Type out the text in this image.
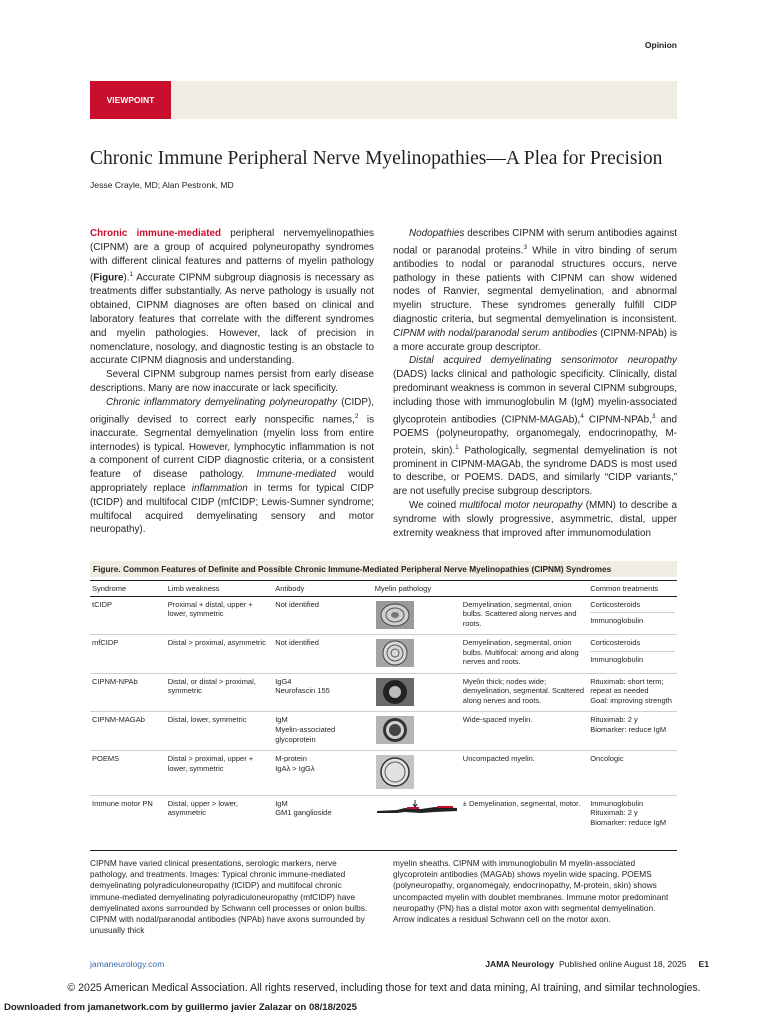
Opinion
VIEWPOINT
Chronic Immune Peripheral Nerve Myelinopathies—A Plea for Precision
Jesse Crayle, MD; Alan Pestronk, MD

Chronic immune-mediated peripheral nervemyelinopathies (CIPNM) are a group of acquired polyneuropathy syndromes with different clinical features and patterns of myelin pathology (Figure).$^1$ Accurate CIPNM subgroup diagnosis is necessary as treatments differ substantially. As nerve pathology is usually not obtained, CIPNM diagnoses are often based on clinical and laboratory features that correlate with the different syndromes and myelin pathologies. However, lack of precision in nomenclature, nosology, and diagnostic testing is an obstacle to accurate CIPNM diagnosis and understanding.

Several CIPNM subgroup names persist from early disease descriptions. Many are now inaccurate or lack specificity.

Chronic inflammatory demyelinating polyneuropathy (CIDP), originally devised to correct early nonspecific names,$^2$ is inaccurate. Segmental demyelination (myelin loss from entire internodes) is typical. However, lymphocytic inflammation is not a component of current CIDP diagnostic criteria, or a consistent feature of disease pathology. Immune-mediated would appropriately replace inflammation in terms for typical CIDP (tCIDP) and multifocal CIDP (mfCIDP; Lewis-Sumner syndrome; multifocal acquired demyelinating sensory and motor neuropathy).

Nodopathies describes CIPNM with serum antibodies against nodal or paranodal proteins.$^3$ While in vitro binding of serum antibodies to nodal or paranodal structures occurs, nerve pathology in these patients with CIPNM can show widened nodes of Ranvier, segmental demyelination, and abnormal myelin structure. These syndromes generally fulfill CIDP diagnostic criteria, but segmental demyelination is inconsistent. CIPNM with nodal/paranodal serum antibodies (CIPNM-NPAb) is a more accurate group descriptor.

Distal acquired demyelinating sensorimotor neuropathy (DADS) lacks clinical and pathologic specificity. Clinically, distal predominant weakness is common in several CIPNM subgroups, including those with immunoglobulin M (IgM) myelin-associated glycoprotein antibodies (CIPNM-MAGAb),$^4$ CIPNM-NPAb,$^3$ and POEMS (polyneuropathy, organomegaly, endocrinopathy, M-protein, skin).$^1$ Pathologically, segmental demyelination is not prominent in CIPNM-MAGAb, the syndrome DADS is most used to describe, or POEMS. DADS, and similarly “CIDP variants,” are not usefully precise subgroup descriptors.

We coined multifocal motor neuropathy (MMN) to describe a syndrome with slowly progressive, asymmetric, distal, upper extremity weakness that improved after immunomodulation

Figure. Common Features of Definite and Possible Chronic Immune-Mediated Peripheral Nerve Myelinopathies (CIPNM) Syndromes
Syndrome	Limb weakness	Antibody	Myelin pathology		Common treatments
tCIDP	Proximal + distal, upper + lower, symmetric	Not identified		Demyelination, segmental, onion bulbs. Scattered along nerves and roots.	Corticosteroids
Immunoglobulin

mfCIDP	Distal > proximal, asymmetric	Not identified		Demyelination, segmental, onion bulbs. Multifocal: among and along nerves and roots.	Corticosteroids
Immunoglobulin

CIPNM-NPAb	Distal, or distal > proximal, symmetric	IgG4
Neurofascin 155		Myelin thick; nodes wide; demyelination, segmental. Scattered along nerves and roots.	Rituximab: short term; repeat as needed
Goal: improving strength

CIPNM-MAGAb	Distal, lower, symmetric	IgM
Myelin-associated glycoprotein		Wide-spaced myelin.	Rituximab: 2 y
Biomarker: reduce IgM

POEMS	Distal > proximal, upper + lower, symmetric	M-protein
IgAλ > IgGλ		Uncompacted myelin.	Oncologic

Immune motor PN	Distal, upper > lower, asymmetric	IgM
GM1 ganglioside		± Demyelination, segmental, motor.	Immunoglobulin
Rituximab: 2 y
Biomarker: reduce IgM
CIPNM have varied clinical presentations, serologic markers, nerve pathology, and treatments. Images: Typical chronic immune-mediated demyelinating polyradiculoneuropathy (tCIDP) and multifocal chronic immune-mediated demyelinating polyradiculoneuropathy (mfCIDP) have demyelinated axons surrounded by Schwann cell processes or onion bulbs. CIPNM with nodal/paranodal antibodies (NPAb) have axons surrounded by unusually thick
myelin sheaths. CIPNM with immunoglobulin M myelin-associated glycoprotein antibodies (MAGAb) shows myelin wide spacing. POEMS (polyneuropathy, organomegaly, endocrinopathy, M-protein, skin) shows uncompacted myelin with doublet membranes. Immune motor predominant neuropathy (PN) has a distal motor axon with segmental demyelination. Arrow indicates a residual Schwann cell on the motor axon.
jamaneurology.com	JAMA Neurology Published online August 18, 2025 E1
© 2025 American Medical Association. All rights reserved, including those for text and data mining, AI training, and similar technologies.
Downloaded from jamanetwork.com by guillermo javier Zalazar on 08/18/2025
